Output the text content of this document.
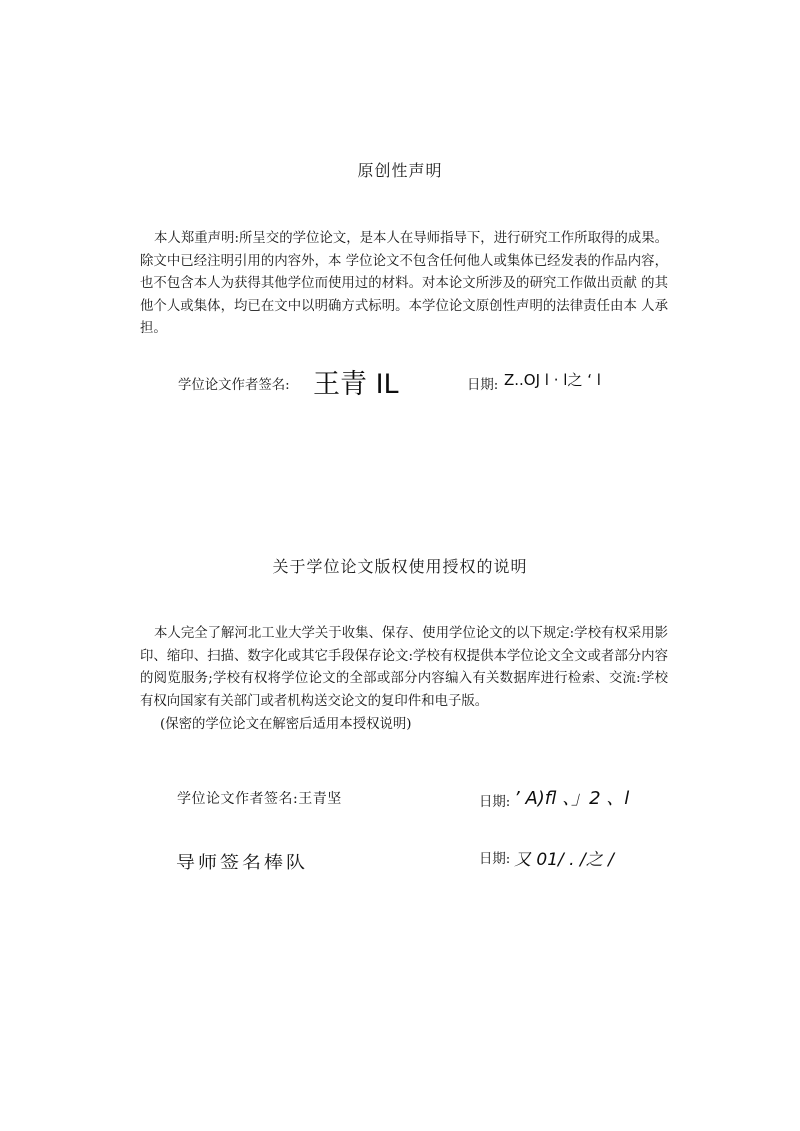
原创性声明
本人郑重声明:所呈交的学位论文，是本人在导师指导下，进行研究工作所取得的成果。除文中已经注明引用的内容外，本 学位论文不包含任何他人或集体已经发表的作品内容，也不包含本人为获得其他学位而使用过的材料。对本论文所涉及的研究工作做出贡献 的其他个人或集体，均已在文中以明确方式标明。本学位论文原创性声明的法律责任由本 人承担。
学位论文作者签名: 王青 IL	日期: Z..OJ l · l之 ‘ l
关于学位论文版权使用授权的说明
本人完全了解河北工业大学关于收集、保存、使用学位论文的以下规定:学校有权采用影印、缩印、扫描、数字化或其它手段保存论文:学校有权提供本学位论文全文或者部分内容的阅览服务;学校有权将学位论文的全部或部分内容编入有关数据库进行检索、交流:学校有权向国家有关部门或者机构送交论文的复印件和电子版。
(保密的学位论文在解密后适用本授权说明)
学位论文作者签名:王青坚	日期: ’ A)fl 、」2 、l
导师签名棒队	日期: 又 01/ . /之 /
